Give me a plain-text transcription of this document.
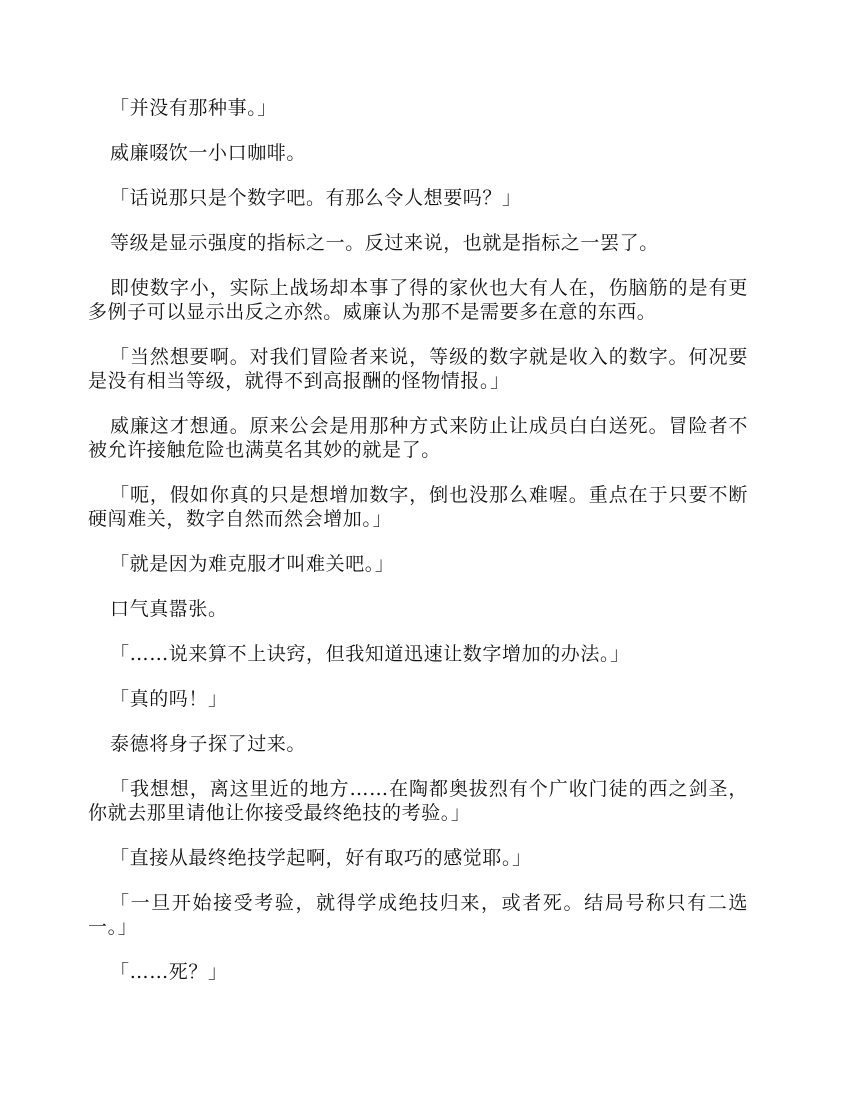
「并没有那种事。」

威廉啜饮一小口咖啡。

「话说那只是个数字吧。有那么令人想要吗？」

等级是显示强度的指标之一。反过来说，也就是指标之一罢了。

即使数字小，实际上战场却本事了得的家伙也大有人在，伤脑筋的是有更多例子可以显示出反之亦然。威廉认为那不是需要多在意的东西。

「当然想要啊。对我们冒险者来说，等级的数字就是收入的数字。何况要是没有相当等级，就得不到高报酬的怪物情报。」

威廉这才想通。原来公会是用那种方式来防止让成员白白送死。冒险者不被允许接触危险也满莫名其妙的就是了。

「呃，假如你真的只是想增加数字，倒也没那么难喔。重点在于只要不断硬闯难关，数字自然而然会增加。」

「就是因为难克服才叫难关吧。」

口气真嚣张。

「……说来算不上诀窍，但我知道迅速让数字增加的办法。」

「真的吗！」

泰德将身子探了过来。

「我想想，离这里近的地方……在陶都奥拔烈有个广收门徒的西之剑圣，你就去那里请他让你接受最终绝技的考验。」

「直接从最终绝技学起啊，好有取巧的感觉耶。」

「一旦开始接受考验，就得学成绝技归来，或者死。结局号称只有二选一。」

「……死？」
